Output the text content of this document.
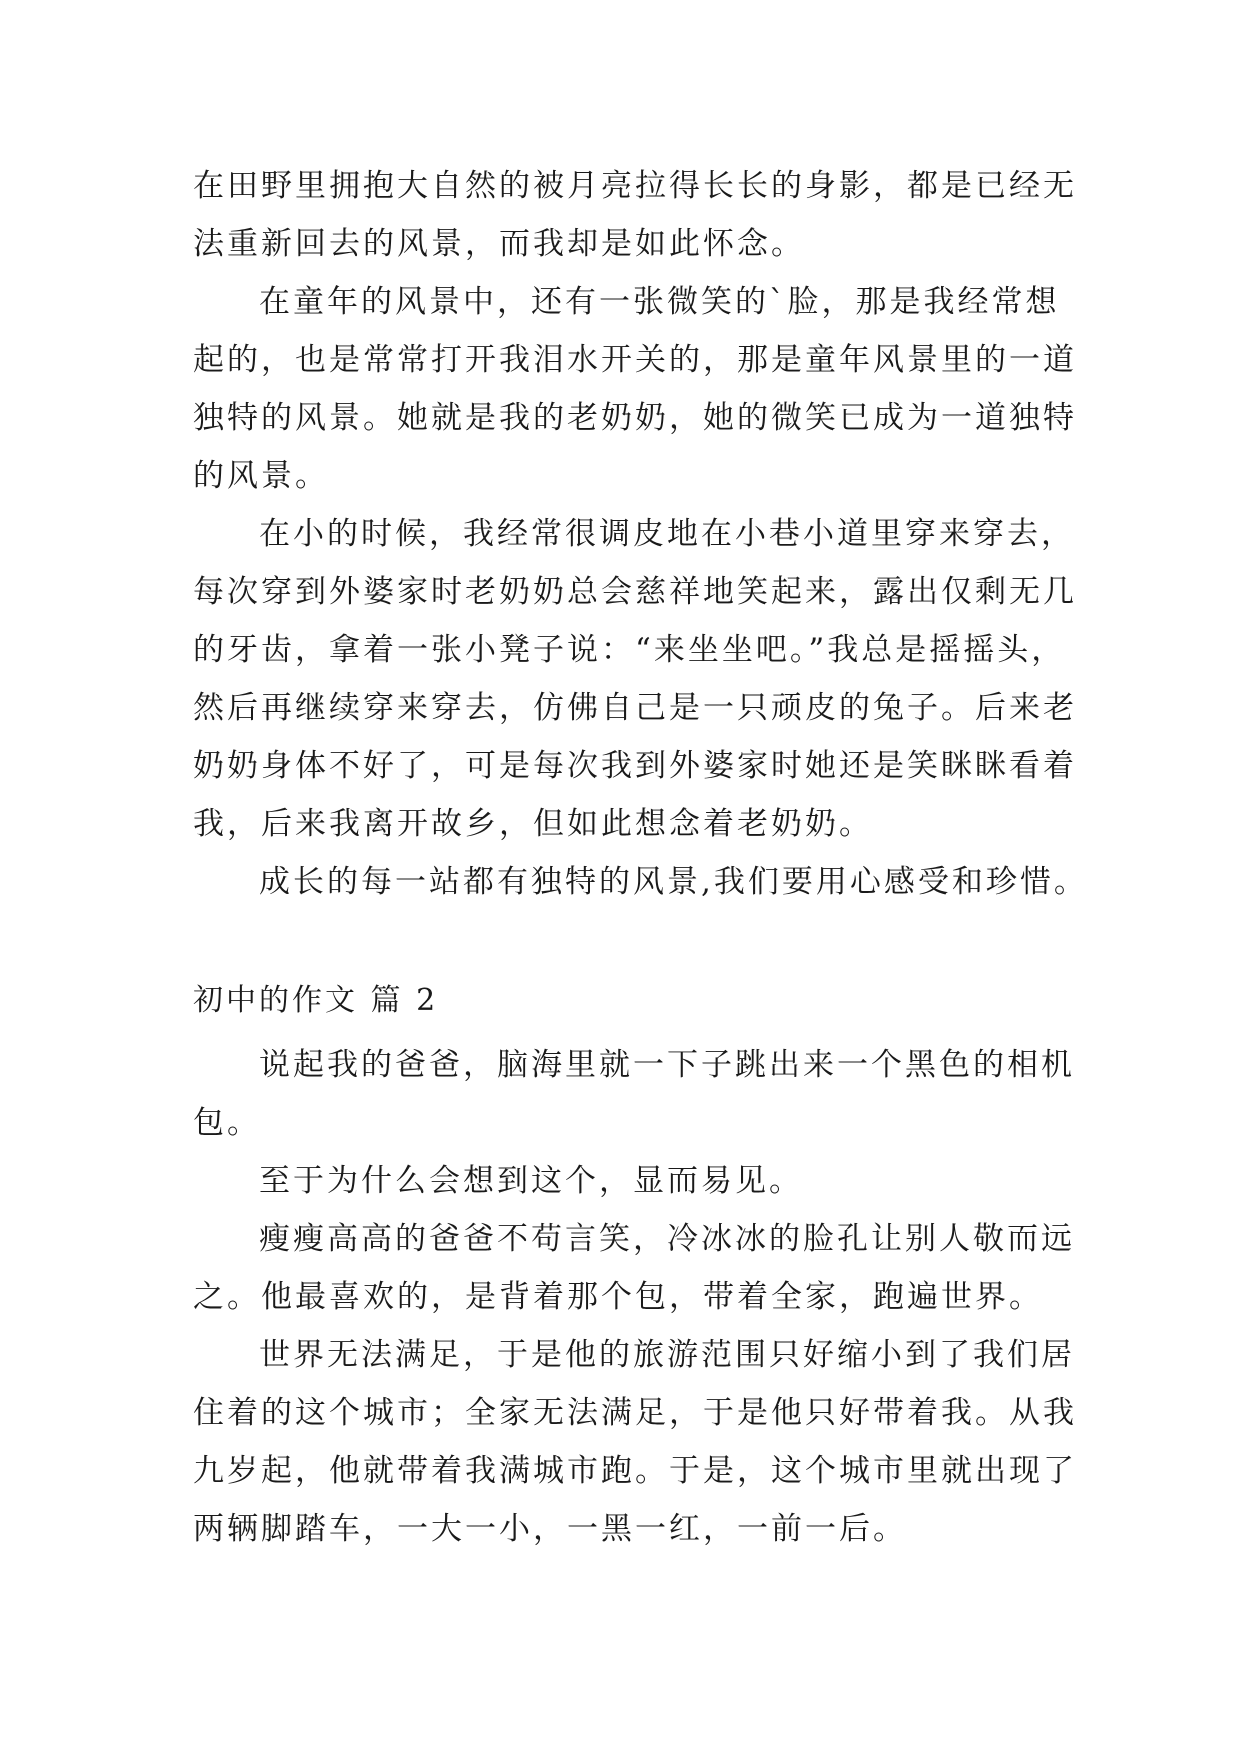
在田野里拥抱大自然的被月亮拉得长长的身影，都是已经无
法重新回去的风景，而我却是如此怀念。
在童年的风景中，还有一张微笑的`脸，那是我经常想
起的，也是常常打开我泪水开关的，那是童年风景里的一道
独特的风景。她就是我的老奶奶，她的微笑已成为一道独特
的风景。
在小的时候，我经常很调皮地在小巷小道里穿来穿去，
每次穿到外婆家时老奶奶总会慈祥地笑起来，露出仅剩无几
的牙齿，拿着一张小凳子说：“来坐坐吧。”我总是摇摇头，
然后再继续穿来穿去，仿佛自己是一只顽皮的兔子。后来老
奶奶身体不好了，可是每次我到外婆家时她还是笑眯眯看着
我，后来我离开故乡，但如此想念着老奶奶。
成长的每一站都有独特的风景,我们要用心感受和珍惜。
初中的作文 篇 2
说起我的爸爸，脑海里就一下子跳出来一个黑色的相机
包。
至于为什么会想到这个，显而易见。
瘦瘦高高的爸爸不苟言笑，冷冰冰的脸孔让别人敬而远
之。他最喜欢的，是背着那个包，带着全家，跑遍世界。
世界无法满足，于是他的旅游范围只好缩小到了我们居
住着的这个城市；全家无法满足，于是他只好带着我。从我
九岁起，他就带着我满城市跑。于是，这个城市里就出现了
两辆脚踏车，一大一小，一黑一红，一前一后。
